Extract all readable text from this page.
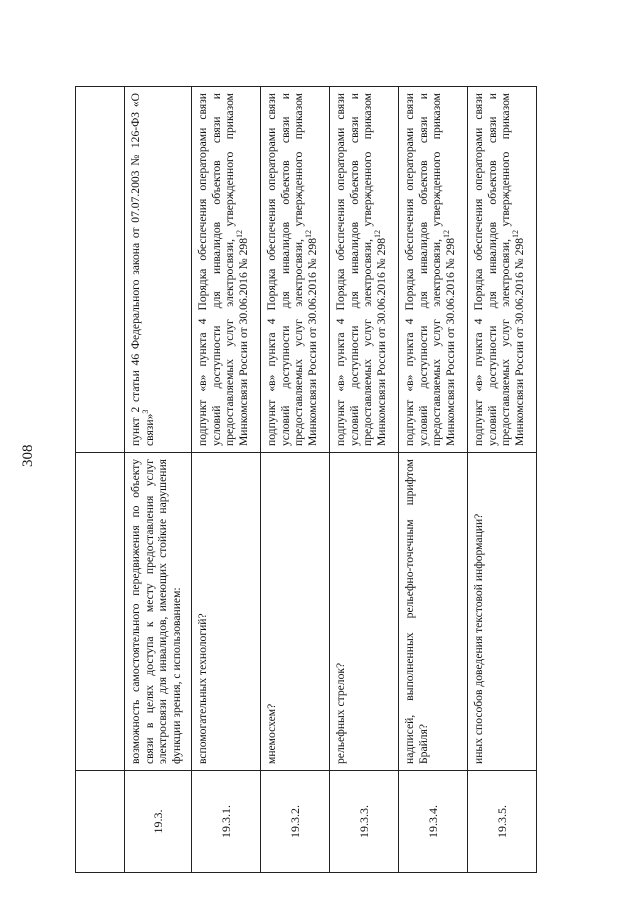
308

19.3.	возможность самостоятельного передвижения по объекту связи в целях доступа к месту предоставления услуг электросвязи для инвалидов, имеющих стойкие нарушения функции зрения, с использованием:	пункт 2 статьи 46 Федерального закона от 07.07.2003 № 126-ФЗ «О связи»$^3$
19.3.1.	вспомогательных технологий?	подпункт «в» пункта 4 Порядка обеспечения операторами связи условий доступности для инвалидов объектов связи и предоставляемых услуг электросвязи, утвержденного приказом Минкомсвязи России от 30.06.2016 № $298^{12}$
19.3.2.	мнемосхем?	подпункт «в» пункта 4 Порядка обеспечения операторами связи условий доступности для инвалидов объектов связи и предоставляемых услуг электросвязи, утвержденного приказом Минкомсвязи России от 30.06.2016 № $298^{12}$
19.3.3.	рельефных стрелок?	подпункт «в» пункта 4 Порядка обеспечения операторами связи условий доступности для инвалидов объектов связи и предоставляемых услуг электросвязи, утвержденного приказом Минкомсвязи России от 30.06.2016 № $298^{12}$
19.3.4.	надписей, выполненных рельефно-точечным шрифтом Брайля?	подпункт «в» пункта 4 Порядка обеспечения операторами связи условий доступности для инвалидов объектов связи и предоставляемых услуг электросвязи, утвержденного приказом Минкомсвязи России от 30.06.2016 № $298^{12}$
19.3.5.	иных способов доведения текстовой информации?	подпункт «в» пункта 4 Порядка обеспечения операторами связи условий доступности для инвалидов объектов связи и предоставляемых услуг электросвязи, утвержденного приказом Минкомсвязи России от 30.06.2016 № $298^{12}$
